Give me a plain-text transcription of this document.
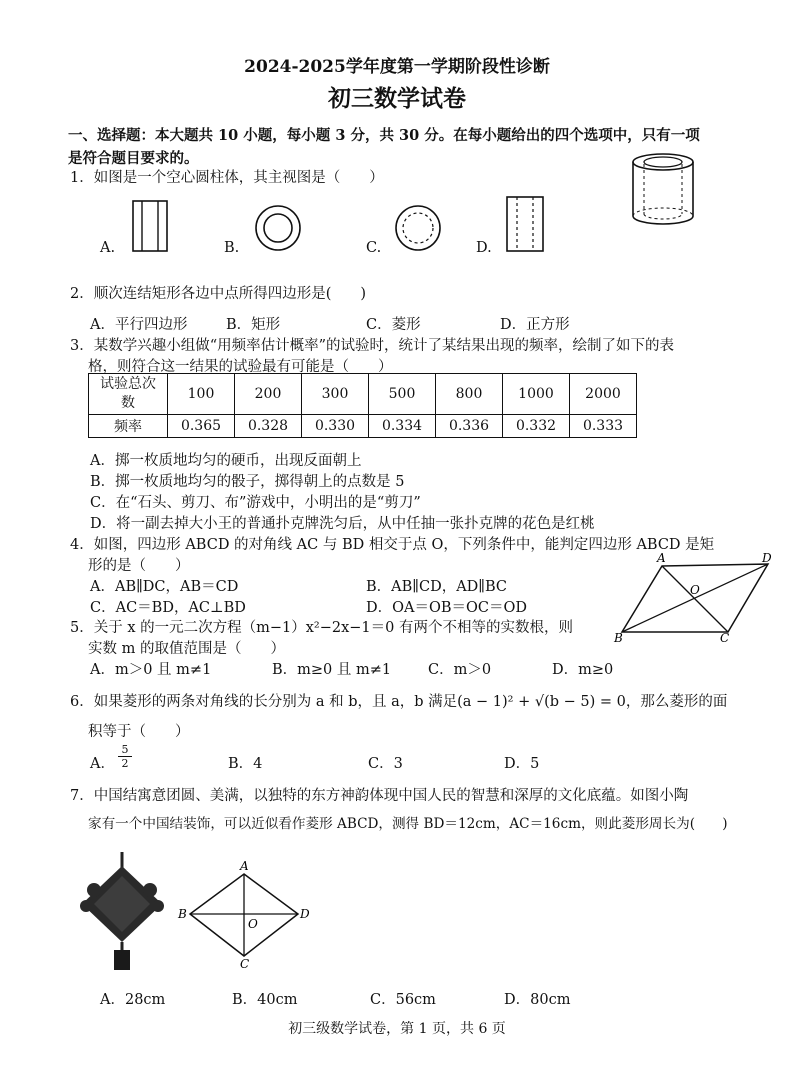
2024-2025学年度第一学期阶段性诊断
初三数学试卷
一、选择题：本大题共 10 小题，每小题 3 分，共 30 分。在每小题给出的四个选项中，只有一项
是符合题目要求的。
1．如图是一个空心圆柱体，其主视图是（　　）
A.	B.	C.	D.
2．顺次连结矩形各边中点所得四边形是(　　)
A．平行四边形	B．矩形	C．菱形	D．正方形
3．某数学兴趣小组做“用频率估计概率”的试验时，统计了某结果出现的频率，绘制了如下的表
格，则符合这一结果的试验最有可能是（　　）
试验总次
数	100	200	300	500	800	1000	2000
频率	0.365	0.328	0.330	0.334	0.336	0.332	0.333
A．掷一枚质地均匀的硬币，出现反面朝上
B．掷一枚质地均匀的骰子，掷得朝上的点数是 5
C．在“石头、剪刀、布”游戏中，小明出的是“剪刀”
D．将一副去掉大小王的普通扑克牌洗匀后，从中任抽一张扑克牌的花色是红桃
4．如图，四边形 ABCD 的对角线 AC 与 BD 相交于点 O，下列条件中，能判定四边形 ABCD 是矩
形的是（　　）
A．AB∥DC，AB＝CD	B．AB∥CD，AD∥BC
C．AC＝BD，AC⊥BD	D．OA＝OB＝OC＝OD
A	D
O
B	C
5．关于 x 的一元二次方程（m−1）x²−2x−1＝0 有两个不相等的实数根，则
实数 m 的取值范围是（　　）
A．m＞0 且 m≠1	B．m≥0 且 m≠1	C．m＞0	D．m≥0
6．如果菱形的两条对角线的长分别为 a 和 b，且 a，b 满足(a − 1)² + √(b − 5) = 0，那么菱形的面
积等于（　　）
A． $\frac{5}{2}$	B．4	C．3	D．5
7．中国结寓意团圆、美满，以独特的东方神韵体现中国人民的智慧和深厚的文化底蕴。如图小陶
家有一个中国结装饰，可以近似看作菱形 ABCD，测得 BD＝12cm，AC＝16cm，则此菱形周长为(　　)
A
B
O
D
C
A．28cm	B．40cm	C．56cm	D．80cm
初三级数学试卷，第 1 页，共 6 页
